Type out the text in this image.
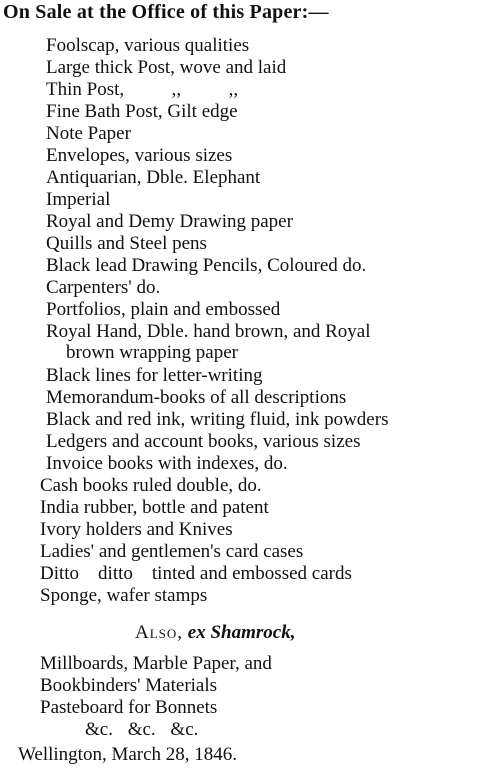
On Sale at the Office of this Paper:—
Foolscap, various qualities
Large thick Post, wove and laid
Thin Post,          ,,          ,,
Fine Bath Post, Gilt edge
Note Paper
Envelopes, various sizes
Antiquarian, Dble. Elephant
Imperial
Royal and Demy Drawing paper
Quills and Steel pens
Black lead Drawing Pencils, Coloured do.
Carpenters' do.
Portfolios, plain and embossed
Royal Hand, Dble. hand brown, and Royal
brown wrapping paper
Black lines for letter-writing
Memorandum-books of all descriptions
Black and red ink, writing fluid, ink powders
Ledgers and account books, various sizes
Invoice books with indexes, do.
Cash books ruled double, do.
India rubber, bottle and patent
Ivory holders and Knives
Ladies' and gentlemen's card cases
Ditto    ditto    tinted and embossed cards
Sponge, wafer stamps
Also, ex Shamrock,
Millboards, Marble Paper, and
Bookbinders' Materials
Pasteboard for Bonnets
&c. &c. &c.
Wellington, March 28, 1846.
